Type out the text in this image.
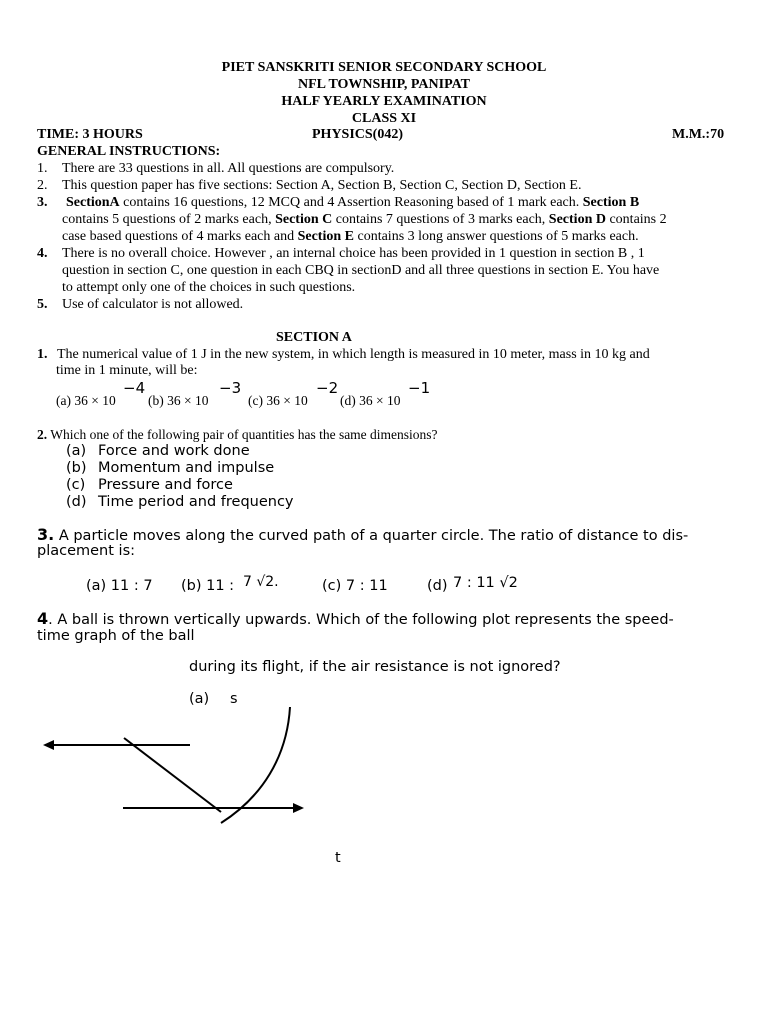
PIET SANSKRITI SENIOR SECONDARY SCHOOL
NFL TOWNSHIP, PANIPAT
HALF YEARLY EXAMINATION
CLASS XI
TIME: 3 HOURS	PHYSICS(042)	M.M.:70
GENERAL INSTRUCTIONS:
1. There are 33 questions in all. All questions are compulsory.
2. This question paper has five sections: Section A, Section B, Section C, Section D, Section E.
3. SectionA contains 16 questions, 12 MCQ and 4 Assertion Reasoning based of 1 mark each. Section B
contains 5 questions of 2 marks each, Section C contains 7 questions of 3 marks each, Section D contains 2
case based questions of 4 marks each and Section E contains 3 long answer questions of 5 marks each.
4. There is no overall choice. However , an internal choice has been provided in 1 question in section B , 1
question in section C, one question in each CBQ in sectionD and all three questions in section E. You have
to attempt only one of the choices in such questions.
5. Use of calculator is not allowed.
SECTION A
1. The numerical value of 1 J in the new system, in which length is measured in 10 meter, mass in 10 kg and
time in 1 minute, will be:
(a) 36 × 10
−4
(b) 36 × 10
−3
(c) 36 × 10
−2
(d) 36 × 10
−1
2. Which one of the following pair of quantities has the same dimensions?
(a) Force and work done
(b) Momentum and impulse
(c) Pressure and force
(d) Time period and frequency
3. A particle moves along the curved path of a quarter circle. The ratio of distance to dis-
placement is:
(a) 11 : 7 (b) 11 : 7 √2.	(c) 7 : 11	(d) 7 : 11 √2
4. A ball is thrown vertically upwards. Which of the following plot represents the speed-
time graph of the ball
during its flight, if the air resistance is not ignored?
(a) s
t
